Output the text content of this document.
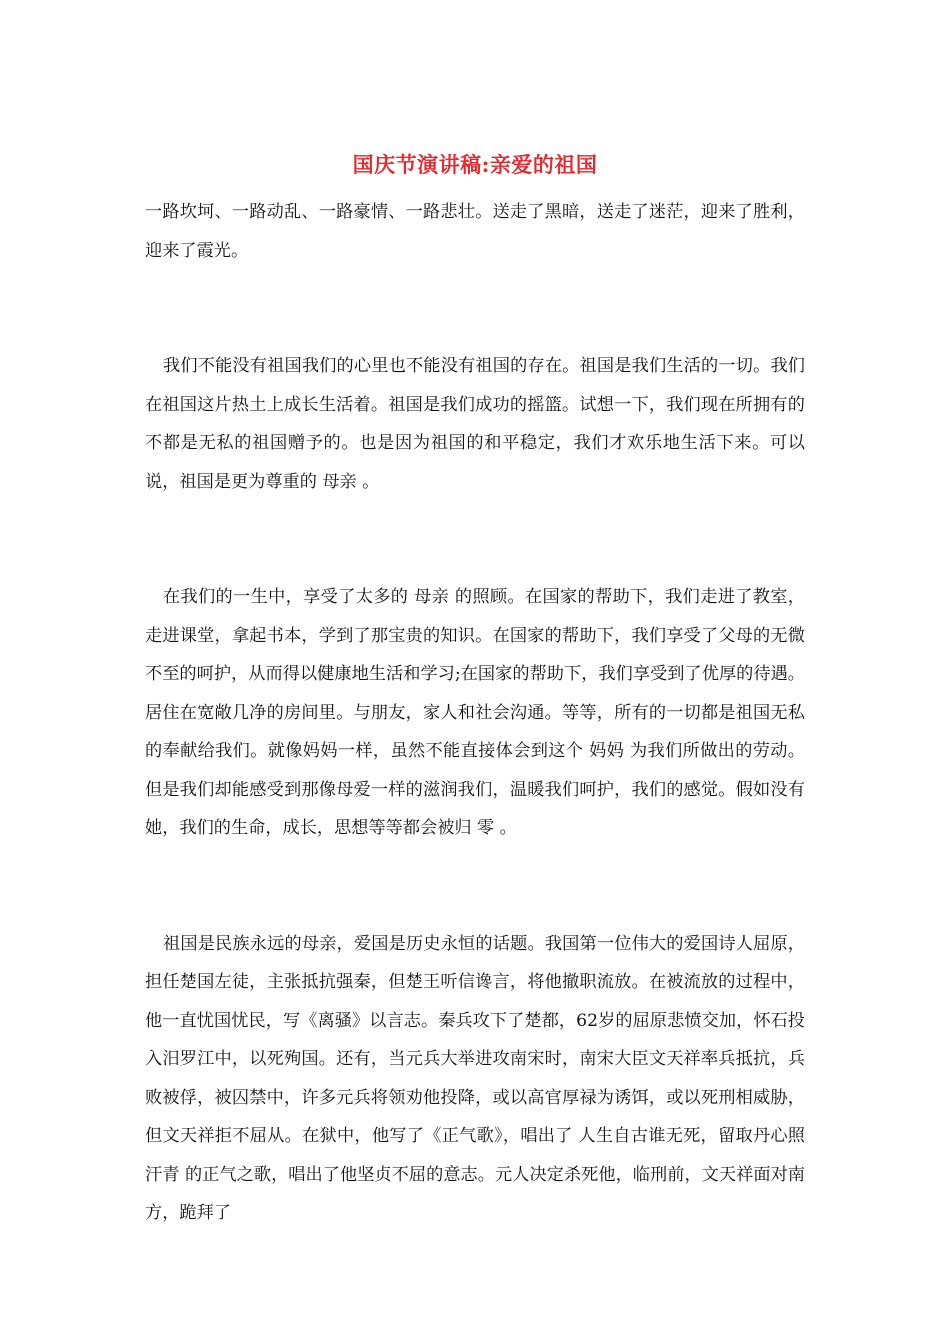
国庆节演讲稿:亲爱的祖国

一路坎坷、一路动乱、一路豪情、一路悲壮。送走了黑暗，送走了迷茫，迎来了胜利，迎来了霞光。

我们不能没有祖国我们的心里也不能没有祖国的存在。祖国是我们生活的一切。我们在祖国这片热土上成长生活着。祖国是我们成功的摇篮。试想一下，我们现在所拥有的不都是无私的祖国赠予的。也是因为祖国的和平稳定，我们才欢乐地生活下来。可以说，祖国是更为尊重的 母亲 。

在我们的一生中，享受了太多的 母亲 的照顾。在国家的帮助下，我们走进了教室，走进课堂，拿起书本，学到了那宝贵的知识。在国家的帮助下，我们享受了父母的无微不至的呵护，从而得以健康地生活和学习;在国家的帮助下，我们享受到了优厚的待遇。居住在宽敞几净的房间里。与朋友，家人和社会沟通。等等，所有的一切都是祖国无私的奉献给我们。就像妈妈一样，虽然不能直接体会到这个 妈妈 为我们所做出的劳动。但是我们却能感受到那像母爱一样的滋润我们，温暖我们呵护，我们的感觉。假如没有她，我们的生命，成长，思想等等都会被归 零 。

祖国是民族永远的母亲，爱国是历史永恒的话题。我国第一位伟大的爱国诗人屈原，担任楚国左徒，主张抵抗强秦，但楚王听信谗言，将他撤职流放。在被流放的过程中，他一直忧国忧民，写《离骚》以言志。秦兵攻下了楚都，62岁的屈原悲愤交加，怀石投入汨罗江中，以死殉国。还有，当元兵大举进攻南宋时，南宋大臣文天祥率兵抵抗，兵败被俘，被囚禁中，许多元兵将领劝他投降，或以高官厚禄为诱饵，或以死刑相威胁，但文天祥拒不屈从。在狱中，他写了《正气歌》，唱出了 人生自古谁无死，留取丹心照汗青 的正气之歌，唱出了他坚贞不屈的意志。元人决定杀死他，临刑前，文天祥面对南方，跪拜了
